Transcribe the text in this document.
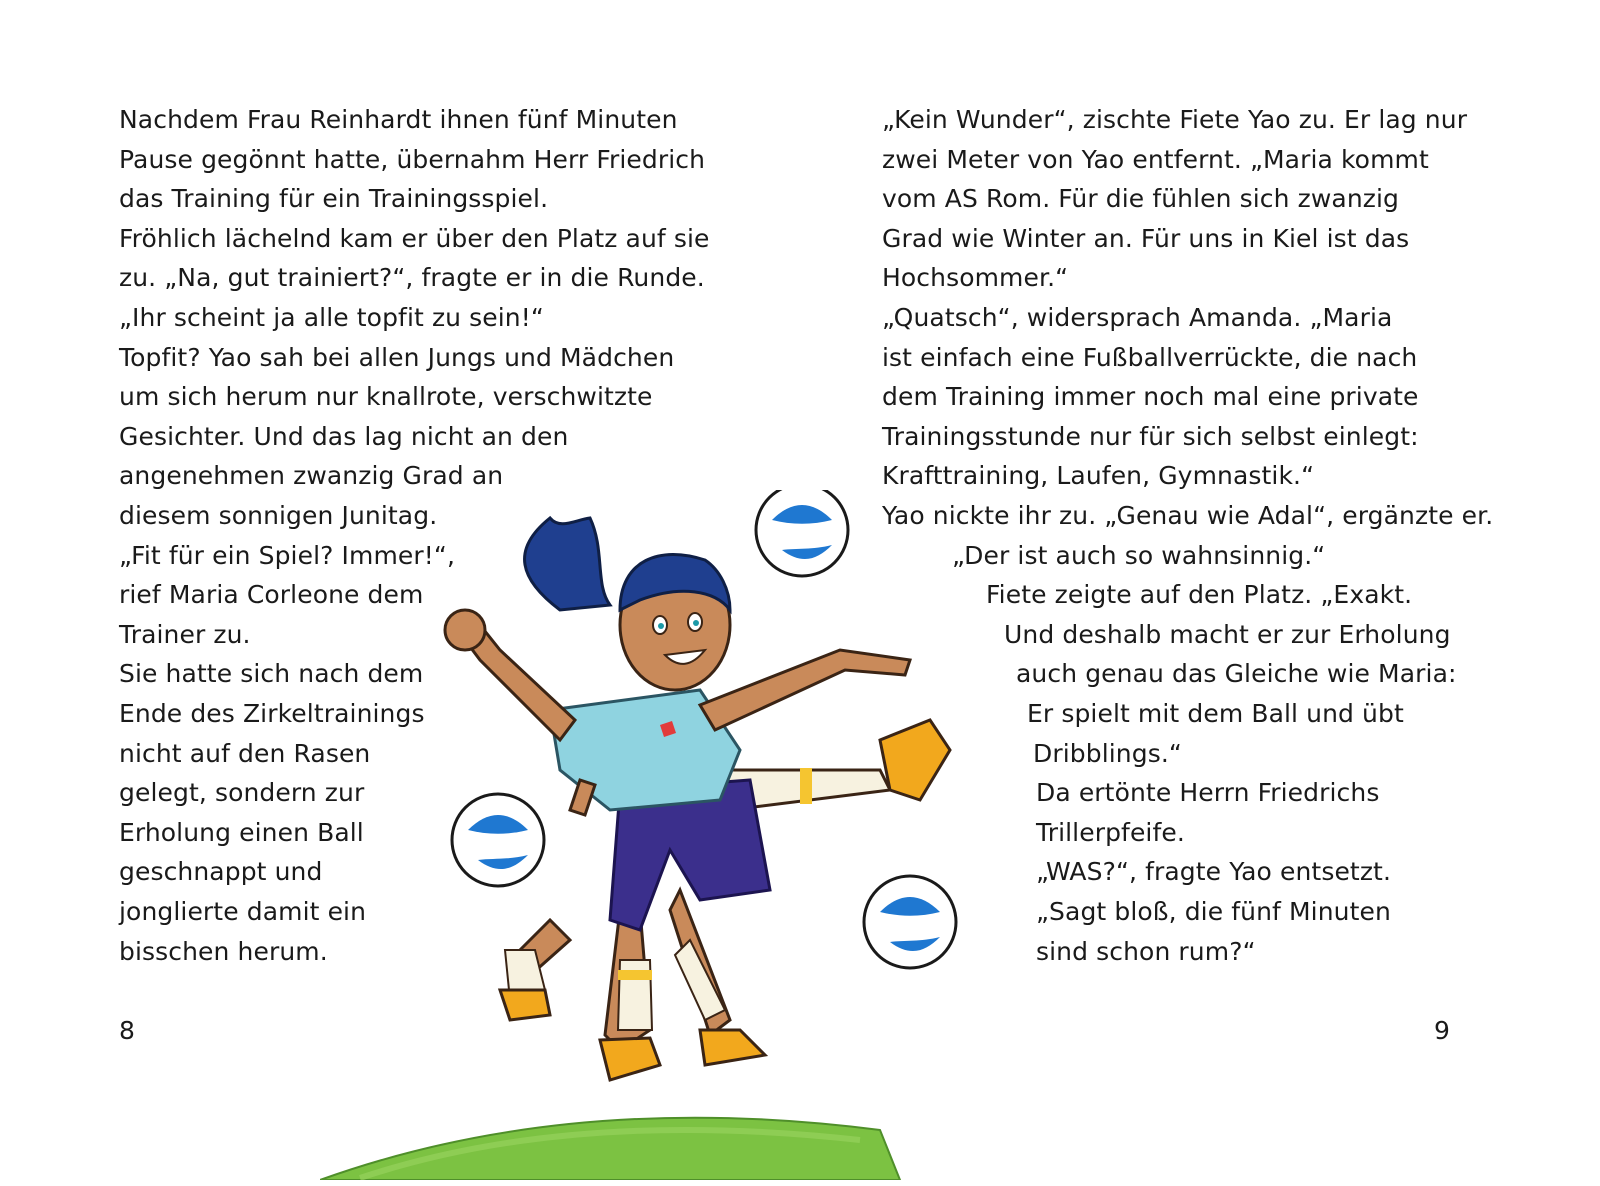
Nachdem Frau Reinhardt ihnen fünf Minuten
Pause gegönnt hatte, übernahm Herr Friedrich
das Training für ein Trainingsspiel.
Fröhlich lächelnd kam er über den Platz auf sie
zu. „Na, gut trainiert?“, fragte er in die Runde.
„Ihr scheint ja alle topfit zu sein!“
Topfit? Yao sah bei allen Jungs und Mädchen
um sich herum nur knallrote, verschwitzte
Gesichter. Und das lag nicht an den
angenehmen zwanzig Grad an
diesem sonnigen Junitag.
„Fit für ein Spiel? Immer!“,
rief Maria Corleone dem
Trainer zu.
Sie hatte sich nach dem
Ende des Zirkeltrainings
nicht auf den Rasen
gelegt, sondern zur
Erholung einen Ball
geschnappt und
jonglierte damit ein
bisschen herum.
8
„Kein Wunder“, zischte Fiete Yao zu. Er lag nur
zwei Meter von Yao entfernt. „Maria kommt
vom AS Rom. Für die fühlen sich zwanzig
Grad wie Winter an. Für uns in Kiel ist das
Hochsommer.“
„Quatsch“, widersprach Amanda. „Maria
ist einfach eine Fußballverrückte, die nach
dem Training immer noch mal eine private
Trainingsstunde nur für sich selbst einlegt:
Krafttraining, Laufen, Gymnastik.“
Yao nickte ihr zu. „Genau wie Adal“, ergänzte er.
„Der ist auch so wahnsinnig.“
Fiete zeigte auf den Platz. „Exakt.
Und deshalb macht er zur Erholung
auch genau das Gleiche wie Maria:
Er spielt mit dem Ball und übt
Dribblings.“
Da ertönte Herrn Friedrichs
Trillerpfeife.
„WAS?“, fragte Yao entsetzt.
„Sagt bloß, die fünf Minuten
sind schon rum?“
9
